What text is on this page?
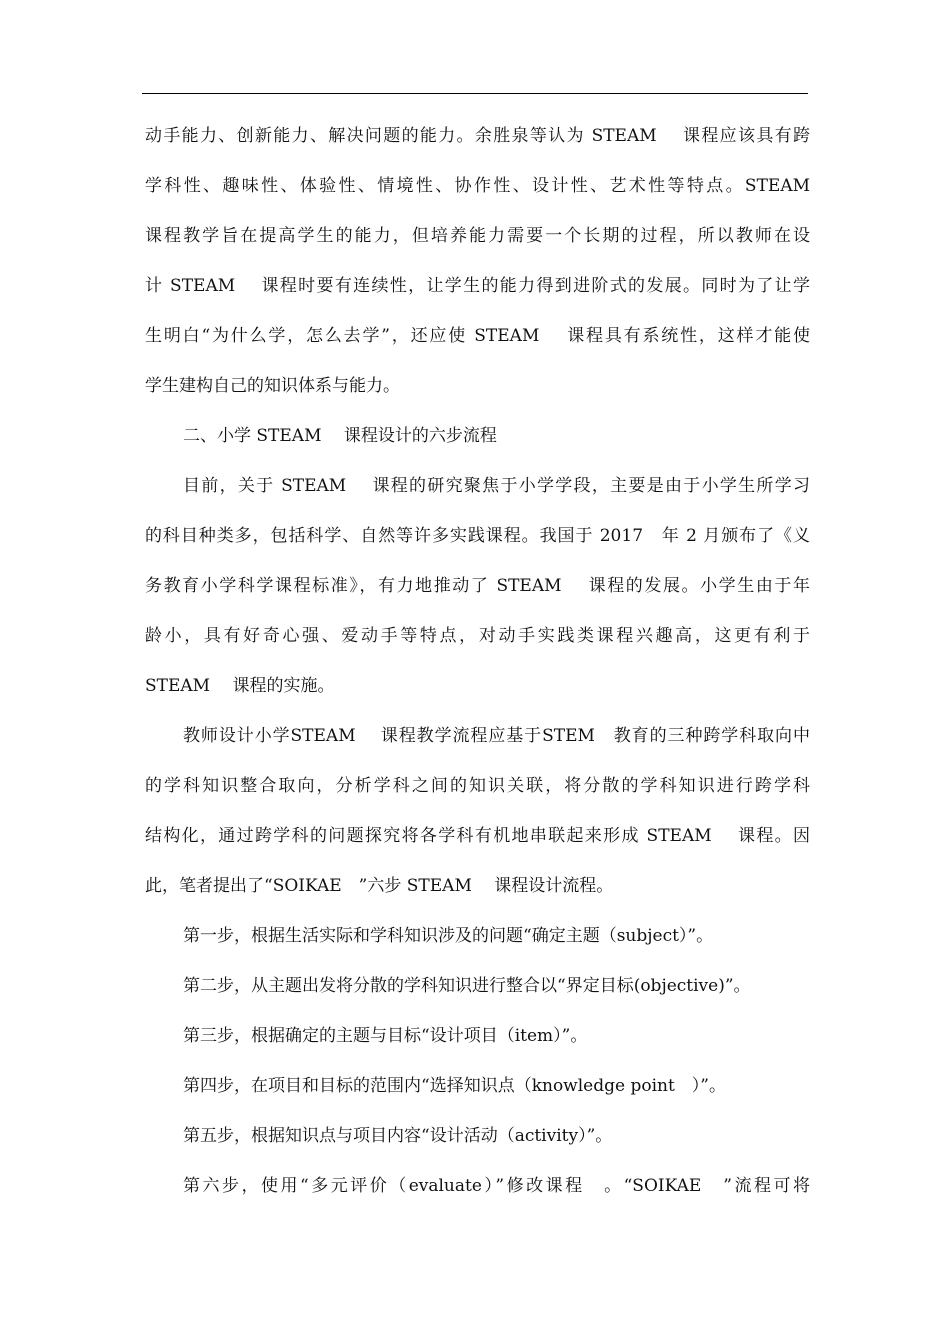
动手能力、创新能力、解决问题的能力。余胜泉等认为 STEAM　 课程应该具有跨
学科性、趣味性、体验性、情境性、协作性、设计性、艺术性等特点。STEAM
课程教学旨在提高学生的能力，但培养能力需要一个长期的过程，所以教师在设
计 STEAM　 课程时要有连续性，让学生的能力得到进阶式的发展。同时为了让学
生明白“为什么学，怎么去学”，还应使 STEAM　 课程具有系统性，这样才能使
学生建构自己的知识体系与能力。
二、小学 STEAM　 课程设计的六步流程
目前，关于 STEAM　 课程的研究聚焦于小学学段，主要是由于小学生所学习
的科目种类多，包括科学、自然等许多实践课程。我国于 2017　年 2 月颁布了《义
务教育小学科学课程标准》，有力地推动了 STEAM　 课程的发展。小学生由于年
龄小，具有好奇心强、爱动手等特点，对动手实践类课程兴趣高，这更有利于
STEAM　 课程的实施。
教师设计小学STEAM　 课程教学流程应基于STEM　教育的三种跨学科取向中
的学科知识整合取向，分析学科之间的知识关联，将分散的学科知识进行跨学科
结构化，通过跨学科的问题探究将各学科有机地串联起来形成 STEAM　 课程。因
此，笔者提出了“SOIKAE　”六步 STEAM　 课程设计流程。
第一步，根据生活实际和学科知识涉及的问题“确定主题（subject）”。
第二步，从主题出发将分散的学科知识进行整合以“界定目标(objective)”。
第三步，根据确定的主题与目标“设计项目（item）”。
第四步，在项目和目标的范围内“选择知识点（knowledge point　）”。
第五步，根据知识点与项目内容“设计活动（activity）”。
第六步，使用“多元评价（evaluate）”修改课程　。“SOIKAE　”流程可将
